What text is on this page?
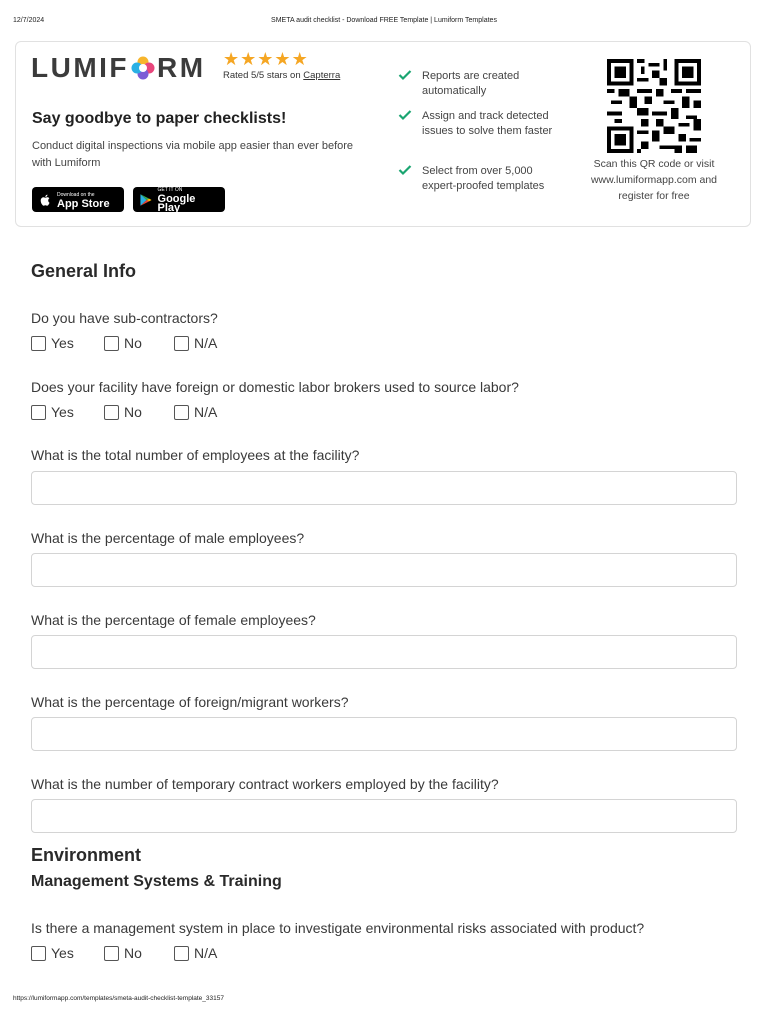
12/7/2024	SMETA audit checklist - Download FREE Template | Lumiform Templates
LUMIF RM ★ ★ ★ ★ ★
Rated 5/5 stars on Capterra
Say goodbye to paper checklists!
Conduct digital inspections via mobile app easier than ever before with Lumiform
Download on the
App Store
GET IT ON
Google Play
Reports are created automatically
Assign and track detected issues to solve them faster
Select from over 5,000 expert-proofed templates
Scan this QR code or visit www.lumiformapp.com and register for free
General Info
Do you have sub-contractors?
Yes	No	N/A
Does your facility have foreign or domestic labor brokers used to source labor?
Yes	No	N/A
What is the total number of employees at the facility?
What is the percentage of male employees?
What is the percentage of female employees?
What is the percentage of foreign/migrant workers?
What is the number of temporary contract workers employed by the facility?
Environment
Management Systems & Training
Is there a management system in place to investigate environmental risks associated with product?
Yes	No	N/A
https://lumiformapp.com/templates/smeta-audit-checklist-template_33157
